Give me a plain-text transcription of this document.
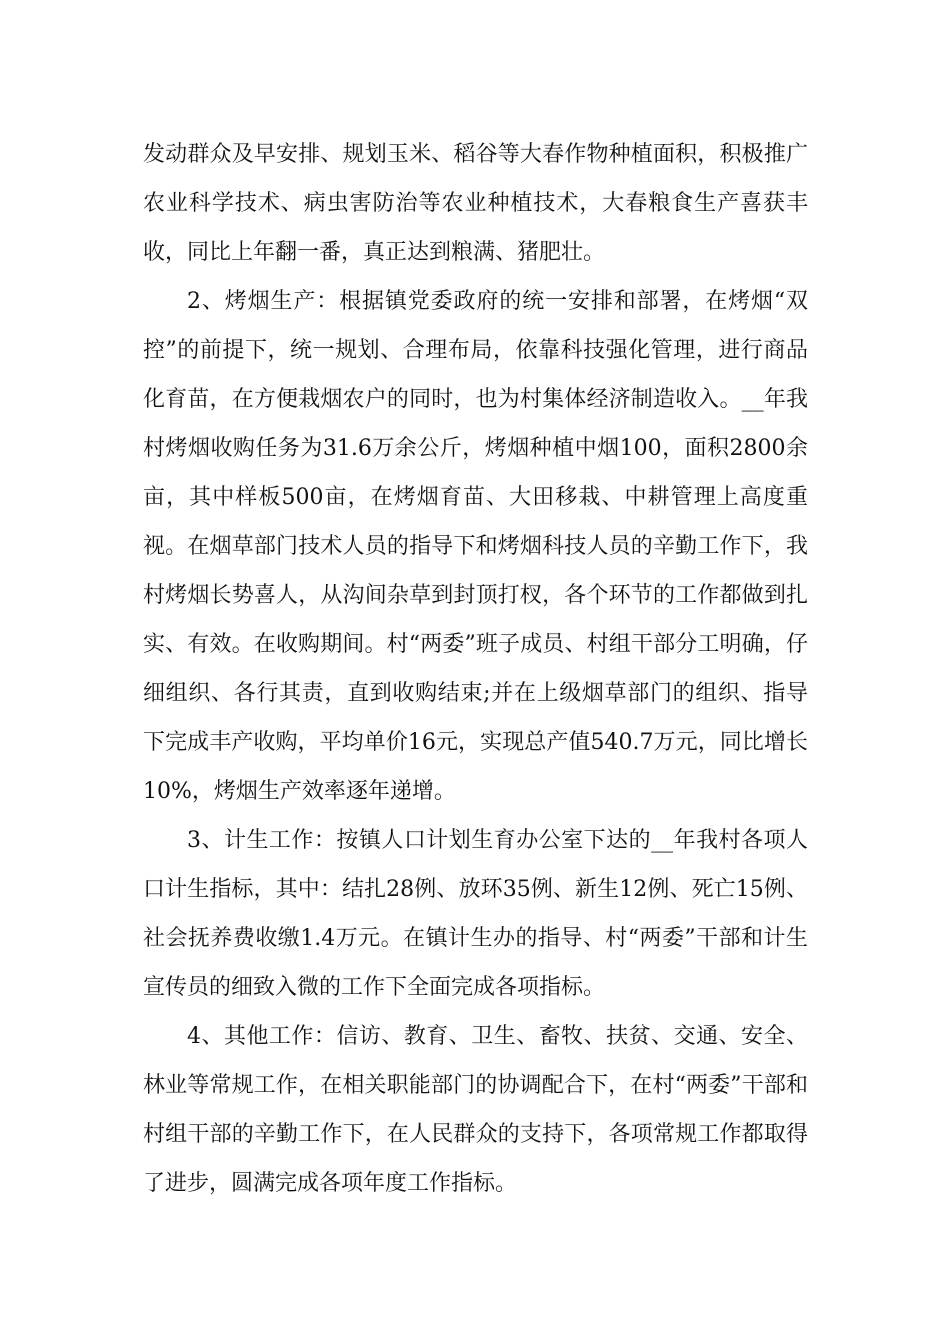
发动群众及早安排、规划玉米、稻谷等大春作物种植面积，积极推广农业科学技术、病虫害防治等农业种植技术，大春粮食生产喜获丰收，同比上年翻一番，真正达到粮满、猪肥壮。

2、烤烟生产：根据镇党委政府的统一安排和部署，在烤烟“双控”的前提下，统一规划、合理布局，依靠科技强化管理，进行商品化育苗，在方便栽烟农户的同时，也为村集体经济制造收入。__年我村烤烟收购任务为31.6万余公斤，烤烟种植中烟100，面积2800余亩，其中样板500亩，在烤烟育苗、大田移栽、中耕管理上高度重视。在烟草部门技术人员的指导下和烤烟科技人员的辛勤工作下，我村烤烟长势喜人，从沟间杂草到封顶打杈，各个环节的工作都做到扎实、有效。在收购期间。村“两委”班子成员、村组干部分工明确，仔细组织、各行其责，直到收购结束;并在上级烟草部门的组织、指导下完成丰产收购，平均单价16元，实现总产值540.7万元，同比增长10%，烤烟生产效率逐年递增。

3、计生工作：按镇人口计划生育办公室下达的__年我村各项人口计生指标，其中：结扎28例、放环35例、新生12例、死亡15例、社会抚养费收缴1.4万元。在镇计生办的指导、村“两委”干部和计生宣传员的细致入微的工作下全面完成各项指标。

4、其他工作：信访、教育、卫生、畜牧、扶贫、交通、安全、林业等常规工作，在相关职能部门的协调配合下，在村“两委”干部和村组干部的辛勤工作下，在人民群众的支持下，各项常规工作都取得了进步，圆满完成各项年度工作指标。
